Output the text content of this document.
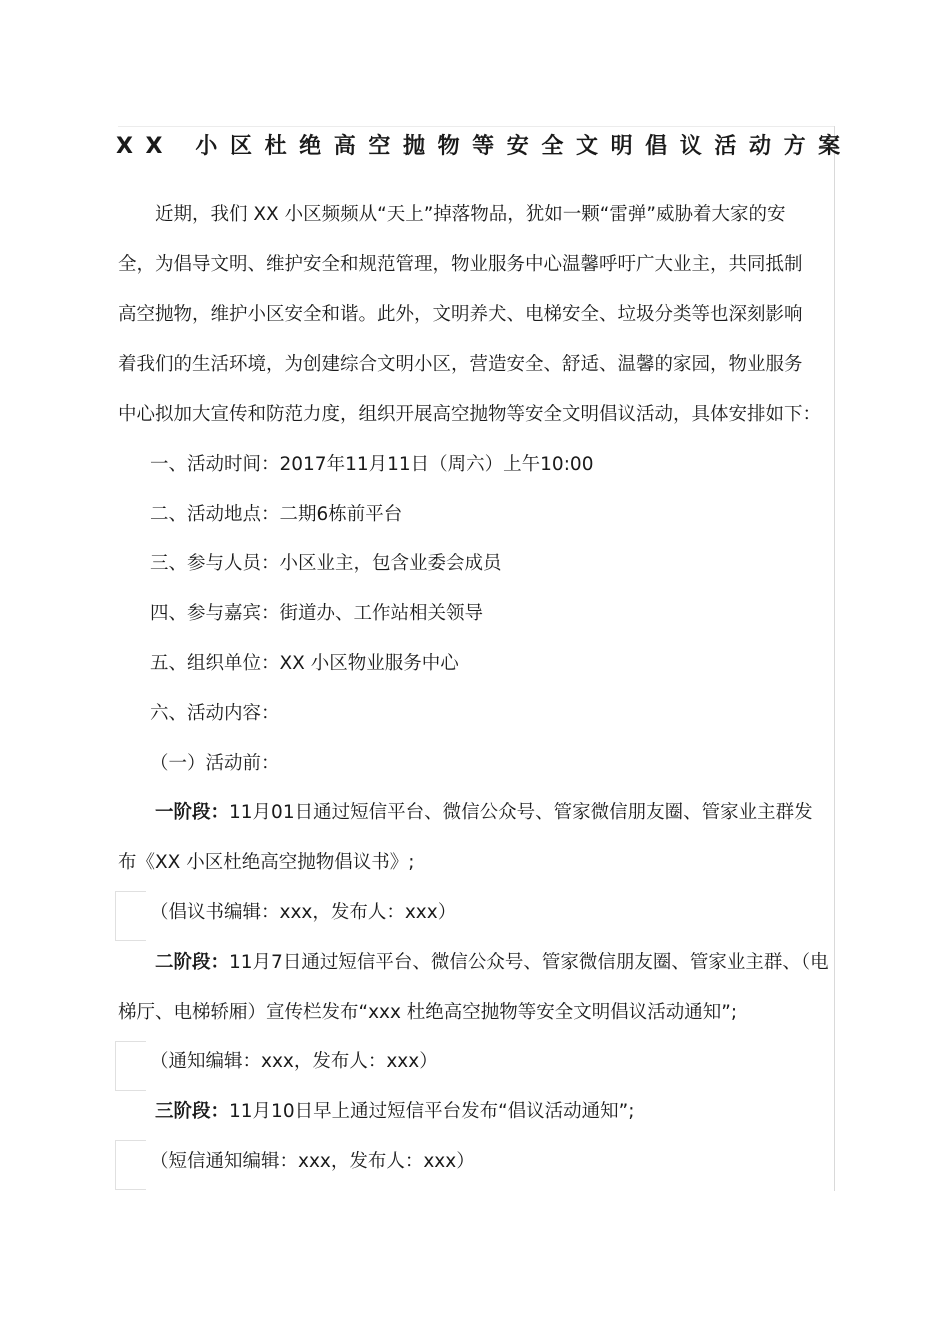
XX 小区杜绝高空抛物等安全文明倡议活动方案
近期，我们 XX 小区频频从“天上”掉落物品，犹如一颗“雷弹”威胁着大家的安
全，为倡导文明、维护安全和规范管理，物业服务中心温馨呼吁广大业主，共同抵制
高空抛物，维护小区安全和谐。此外，文明养犬、电梯安全、垃圾分类等也深刻影响
着我们的生活环境，为创建综合文明小区，营造安全、舒适、温馨的家园，物业服务
中心拟加大宣传和防范力度，组织开展高空抛物等安全文明倡议活动，具体安排如下：
一、活动时间：2017年11月11日（周六）上午10:00
二、活动地点：二期6栋前平台
三、参与人员：小区业主，包含业委会成员
四、参与嘉宾：街道办、工作站相关领导
五、组织单位：XX 小区物业服务中心
六、活动内容：
（一）活动前：
一阶段：11月01日通过短信平台、微信公众号、管家微信朋友圈、管家业主群发
布《XX 小区杜绝高空抛物倡议书》;
（倡议书编辑：xxx，发布人：xxx）
二阶段：11月7日通过短信平台、微信公众号、管家微信朋友圈、管家业主群、（电
梯厅、电梯轿厢）宣传栏发布“xxx 杜绝高空抛物等安全文明倡议活动通知”;
（通知编辑：xxx，发布人：xxx）
三阶段：11月10日早上通过短信平台发布“倡议活动通知”;
（短信通知编辑：xxx，发布人：xxx）
